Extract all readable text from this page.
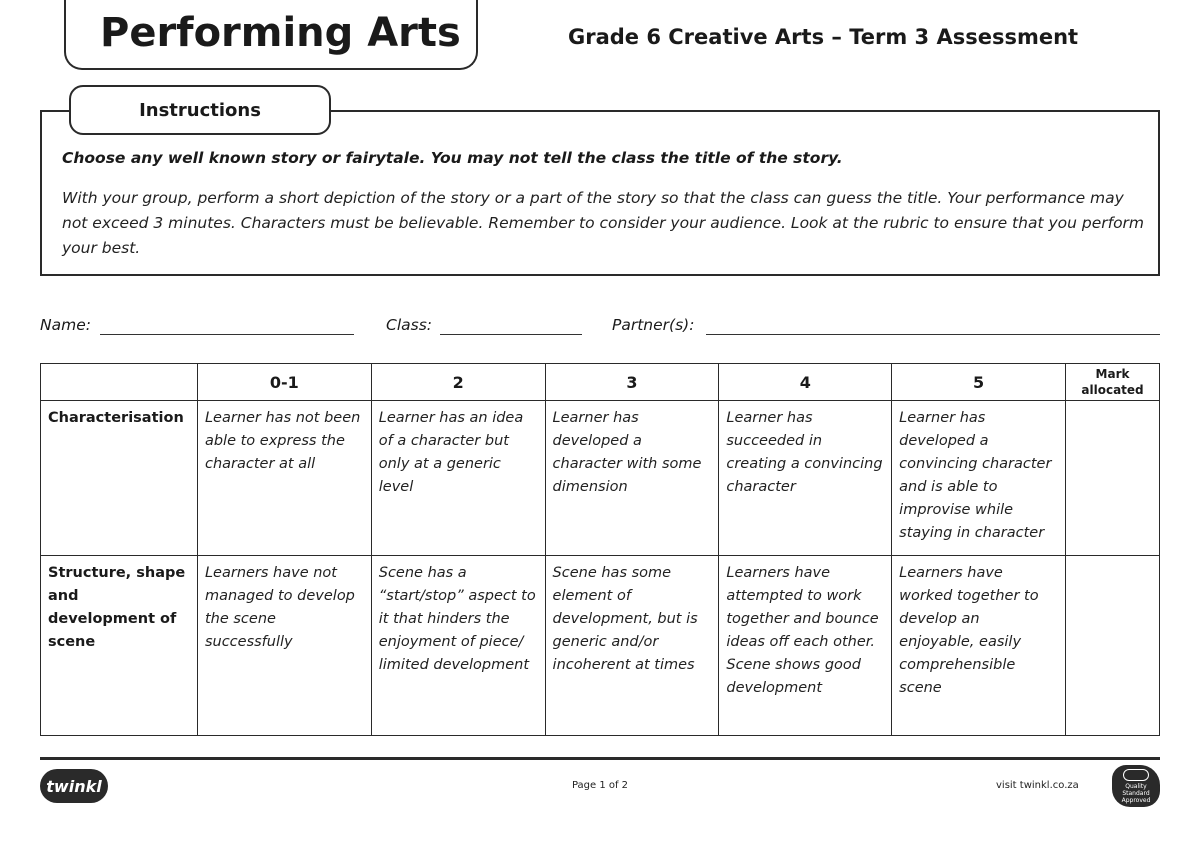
Performing Arts	Grade 6 Creative Arts – Term 3 Assessment
Instructions
Choose any well known story or fairytale. You may not tell the class the title of the story.
With your group, perform a short depiction of the story or a part of the story so that the class can guess the title. Your performance may not exceed 3 minutes. Characters must be believable. Remember to consider your audience. Look at the rubric to ensure that you perform your best.
Name:	Class:	Partner(s):
	0-1	2	3	4	5	Mark allocated
Characterisation	Learner has not been able to express the character at all	Learner has an idea of a character but only at a generic level	Learner has developed a character with some dimension	Learner has succeeded in creating a convincing character	Learner has developed a convincing character and is able to improvise while staying in character	
Structure, shape and development of scene	Learners have not managed to develop the scene successfully	Scene has a “start/stop” aspect to it that hinders the enjoyment of piece/ limited development	Scene has some element of development, but is generic and/or incoherent at times	Learners have attempted to work together and bounce ideas off each other. Scene shows good development	Learners have worked together to develop an enjoyable, easily comprehensible scene	
twinkl	Page 1 of 2	visit twinkl.co.za	Quality Standard Approved
